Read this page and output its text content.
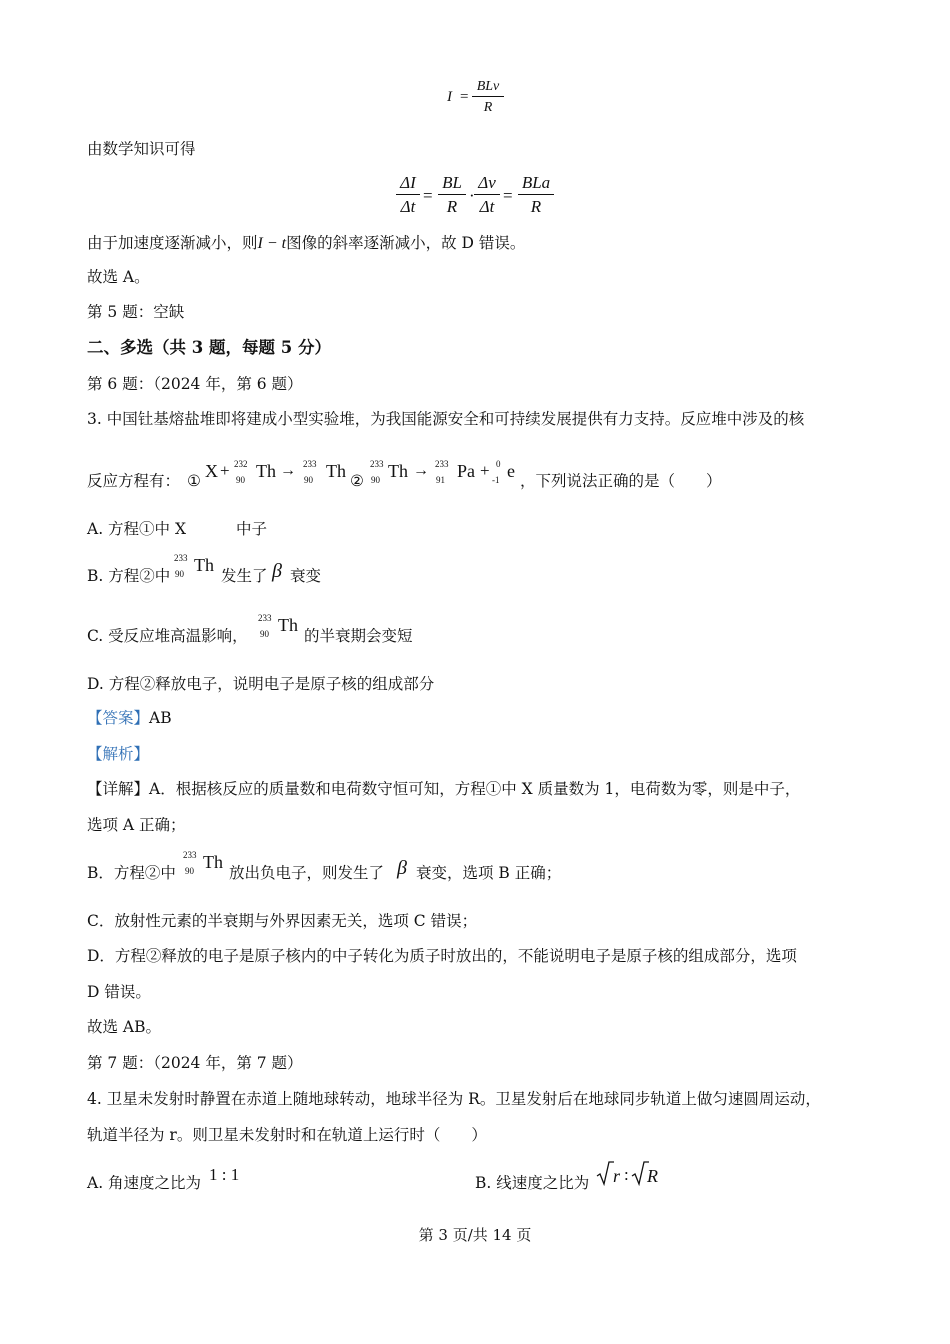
I =
BLv
R
由数学知识可得
ΔI
Δt
=
BL
R
·
Δv
Δt
=
BLa
R
由于加速度逐渐减小，则I − t图像的斜率逐渐减小，故 D 错误。
故选 A。
第 5 题：空缺
二、多选（共 3 题，每题 5 分）
第 6 题：（2024 年，第 6 题）
3. 中国钍基熔盐堆即将建成小型实验堆，为我国能源安全和可持续发展提供有力支持。反应堆中涉及的核
反应方程有： ① X + 232
90 Th → 233
90 Th ②
233
90 Th → 233
91 Pa + 0
-1 e ，下列说法正确的是（　　）
A. 方程①中 X	中子
B. 方程②中
233
90 Th
发生了 β 衰变
C. 受反应堆高温影响，
233
90 Th
的半衰期会变短
D. 方程②释放电子，说明电子是原子核的组成部分
【答案】AB
【解析】
【详解】A．根据核反应的质量数和电荷数守恒可知，方程①中 X 质量数为 1，电荷数为零，则是中子，
选项 A 正确；
B．方程②中
233
90 Th
放出负电子，则发生了 β 衰变，选项 B 正确；
C．放射性元素的半衰期与外界因素无关，选项 C 错误；
D．方程②释放的电子是原子核内的中子转化为质子时放出的，不能说明电子是原子核的组成部分，选项
D 错误。
故选 AB。
第 7 题：（2024 年，第 7 题）
4. 卫星未发射时静置在赤道上随地球转动，地球半径为 R。卫星发射后在地球同步轨道上做匀速圆周运动，
轨道半径为 r。则卫星未发射时和在轨道上运行时（　　）
A. 角速度之比为 1 : 1	B. 线速度之比为 r : R
第 3 页/共 14 页
